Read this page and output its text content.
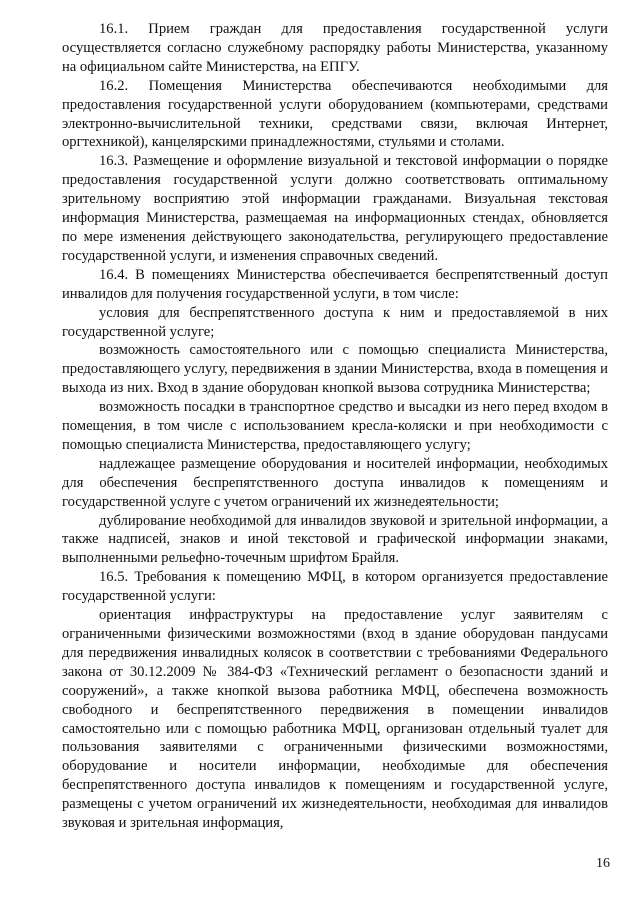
16.1. Прием граждан для предоставления государственной услуги осуществляется согласно служебному распорядку работы Министерства, указанному на официальном сайте Министерства, на ЕПГУ.

16.2. Помещения Министерства обеспечиваются необходимыми для предоставления государственной услуги оборудованием (компьютерами, средствами электронно-вычислительной техники, средствами связи, включая Интернет, оргтехникой), канцелярскими принадлежностями, стульями и столами.

16.3. Размещение и оформление визуальной и текстовой информации о порядке предоставления государственной услуги должно соответствовать оптимальному зрительному восприятию этой информации гражданами. Визуальная текстовая информация Министерства, размещаемая на информационных стендах, обновляется по мере изменения действующего законодательства, регулирующего предоставление государственной услуги, и изменения справочных сведений.

16.4. В помещениях Министерства обеспечивается беспрепятственный доступ инвалидов для получения государственной услуги, в том числе:

условия для беспрепятственного доступа к ним и предоставляемой в них государственной услуге;

возможность самостоятельного или с помощью специалиста Министерства, предоставляющего услугу, передвижения в здании Министерства, входа в помещения и выхода из них. Вход в здание оборудован кнопкой вызова сотрудника Министерства;

возможность посадки в транспортное средство и высадки из него перед входом в помещения, в том числе с использованием кресла-коляски и при необходимости с помощью специалиста Министерства, предоставляющего услугу;

надлежащее размещение оборудования и носителей информации, необходимых для обеспечения беспрепятственного доступа инвалидов к помещениям и государственной услуге с учетом ограничений их жизнедеятельности;

дублирование необходимой для инвалидов звуковой и зрительной информации, а также надписей, знаков и иной текстовой и графической информации знаками, выполненными рельефно-точечным шрифтом Брайля.

16.5. Требования к помещению МФЦ, в котором организуется предоставление государственной услуги:

ориентация инфраструктуры на предоставление услуг заявителям с ограниченными физическими возможностями (вход в здание оборудован пандусами для передвижения инвалидных колясок в соответствии с требованиями Федерального закона от 30.12.2009 № 384-ФЗ «Технический регламент о безопасности зданий и сооружений», а также кнопкой вызова работника МФЦ, обеспечена возможность свободного и беспрепятственного передвижения в помещении инвалидов самостоятельно или с помощью работника МФЦ, организован отдельный туалет для пользования заявителями с ограниченными физическими возможностями, оборудование и носители информации, необходимые для обеспечения беспрепятственного доступа инвалидов к помещениям и государственной услуге, размещены с учетом ограничений их жизнедеятельности, необходимая для инвалидов звуковая и зрительная информация,

16
